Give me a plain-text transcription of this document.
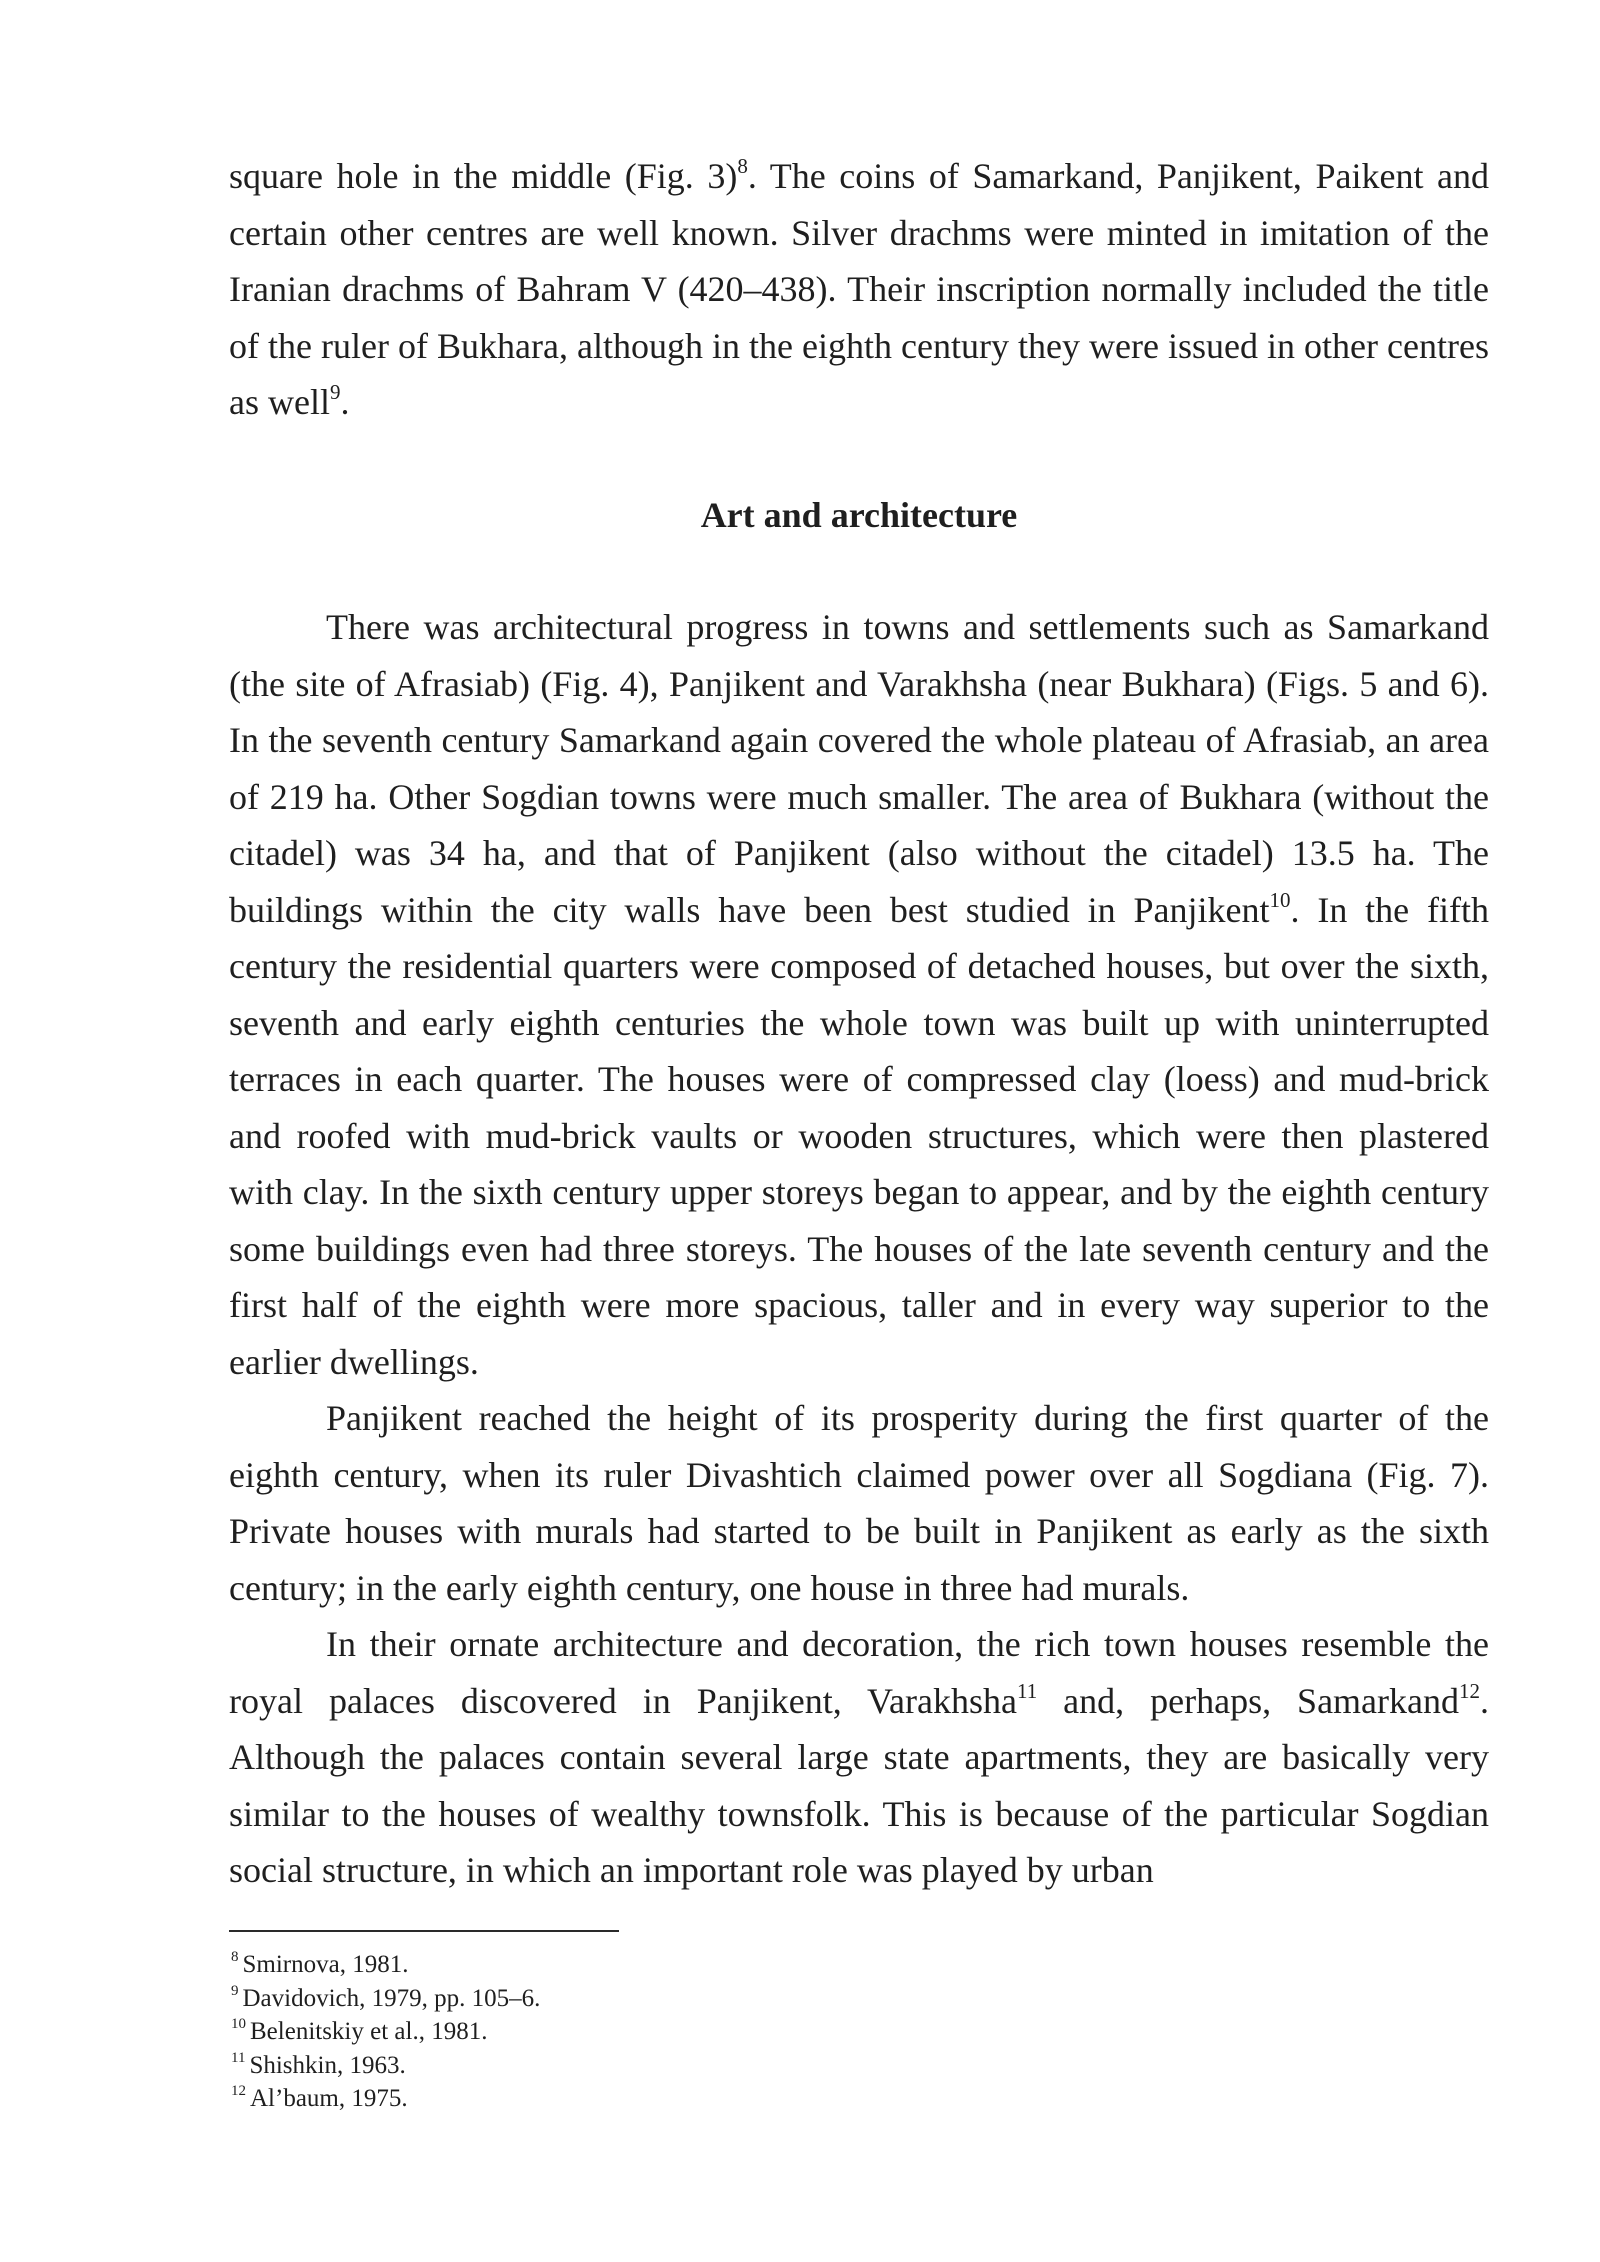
square hole in the middle (Fig. 3)$^8$. The coins of Samarkand, Panjikent, Paikent and certain other centres are well known. Silver drachms were minted in imitation of the Iranian drachms of Bahram V (420–438). Their inscription normally included the title of the ruler of Bukhara, although in the eighth century they were issued in other centres as well$^9$.

Art and architecture

There was architectural progress in towns and settlements such as Samarkand (the site of Afrasiab) (Fig. 4), Panjikent and Varakhsha (near Bukhara) (Figs. 5 and 6). In the seventh century Samarkand again covered the whole plateau of Afrasiab, an area of 219 ha. Other Sogdian towns were much smaller. The area of Bukhara (without the citadel) was 34 ha, and that of Panjikent (also without the citadel) 13.5 ha. The buildings within the city walls have been best studied in Panjikent$^{10}$. In the fifth century the residential quarters were composed of detached houses, but over the sixth, seventh and early eighth centuries the whole town was built up with uninterrupted terraces in each quarter. The houses were of compressed clay (loess) and mud-brick and roofed with mud-brick vaults or wooden structures, which were then plastered with clay. In the sixth century upper storeys began to appear, and by the eighth century some buildings even had three storeys. The houses of the late seventh century and the first half of the eighth were more spacious, taller and in every way superior to the earlier dwellings.

Panjikent reached the height of its prosperity during the first quarter of the eighth century, when its ruler Divashtich claimed power over all Sogdiana (Fig. 7). Private houses with murals had started to be built in Panjikent as early as the sixth century; in the early eighth century, one house in three had murals.

In their ornate architecture and decoration, the rich town houses resemble the royal palaces discovered in Panjikent, Varakhsha$^{11}$ and, perhaps, Samarkand$^{12}$. Although the palaces contain several large state apartments, they are basically very similar to the houses of wealthy townsfolk. This is because of the particular Sogdian social structure, in which an important role was played by urban

$^8$ Smirnova, 1981.

$^9$ Davidovich, 1979, pp. 105–6.

$^{10}$ Belenitskiy et al., 1981.

$^{11}$ Shishkin, 1963.

$^{12}$ Al’baum, 1975.
